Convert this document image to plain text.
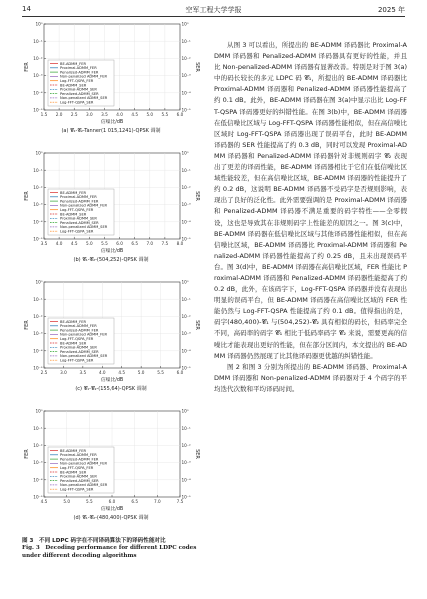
14	空军工程大学学报	2025 年
10⁰	10⁰
10⁻¹	10⁻¹
10⁻²	10⁻²
10⁻³	10⁻³
10⁻⁴	10⁻⁴
10⁻⁵	10⁻⁵
1.5 2.0 2.5 3.0 3.5 4.0 4.5 5.0 5.5 6.0
FER	SER
信噪比/dB
BE-ADMM_FER
Proximal-ADMM_FER
Penalized-ADMM_FER
Non-penalized ADMM_FER
Log-FFT-QSPA_FER
BE-ADMM_SER
Proximal-ADMM_SER
Penalized-ADMM_SER
Non-penalized ADMM_SER
Log-FFT-QSPA_SER
(a) 𝓒₁-𝓒₂-Tanner(1 015,1241)-QPSK 调制
10⁰	10⁰
10⁻¹	10⁻¹
10⁻²	10⁻²
10⁻³	10⁻³
10⁻⁴	10⁻⁴
10⁻⁵	10⁻⁵
3.5 4.0 4.5 5.0 5.5 6.0 6.5 7.0 7.5 8.0
FER	SER
信噪比/dB
BE-ADMM_FER
Proximal-ADMM_FER
Penalized-ADMM_FER
Non-penalized ADMM_FER
Log-FFT-QSPA_FER
BE-ADMM_SER
Proximal-ADMM_SER
Penalized-ADMM_SER
Non-penalized ADMM_SER
Log-FFT-QSPA_SER
(b) 𝓒₁-𝓒₂-(504,252)-QPSK 调制
10⁰	10⁰
10⁻¹	10⁻¹
10⁻²	10⁻²
10⁻³	10⁻³
10⁻⁴	10⁻⁴
10⁻⁵	10⁻⁵
2.5	3.0	3.5	4.0	4.5	5.0	5.5	6.0
FER	SER
信噪比/dB
BE-ADMM_FER
Proximal-ADMM_FER
Penalized-ADMM_FER
Non-penalized ADMM_FER
Log-FFT-QSPA_FER
BE-ADMM_SER
Proximal-ADMM_SER
Penalized-ADMM_SER
Non-penalized ADMM_SER
Log-FFT-QSPA_SER
(c) 𝓒₁-𝓒₂-(155,64)-QPSK 调制
10⁰	10⁰
10⁻¹	10⁻¹
10⁻²	10⁻²
10⁻³	10⁻³
10⁻⁴	10⁻⁴
10⁻⁵	10⁻⁵
4.5	5.0	5.5	6.0	6.5	7.0	7.5
FER	SER
信噪比/dB
BE-ADMM_FER
Proximal-ADMM_FER
Penalized-ADMM_FER
Non-penalized ADMM_FER
Log-FFT-QSPA_FER
BE-ADMM_SER
Proximal-ADMM_SER
Penalized-ADMM_SER
Non-penalized ADMM_SER
Log-FFT-QSPA_SER
(d) 𝓒₁-𝓒₂-(480,400)-QPSK 调制
图 3　不同 LDPC 码字在不同译码算法下的译码性能对比
Fig. 3　Decoding performance for different LDPC codes under different decoding algorithms

从图 3 可以看出，所提出的 BE-ADMM 译码器比 Proximal-ADMM 译码器和 Penalized-ADMM 译码器具有更好的性能，并且比 Non-penalized-ADMM 译码器有显著改善。特别是对于图 3(a)中的码长较长的多元 LDPC 码 𝓒₁，所提出的 BE-ADMM 译码器比 Proximal-ADMM 译码器和 Penalized-ADMM 译码器性能提高了约 0.1 dB。此外，BE-ADMM 译码器在图 3(a)中显示出比 Log-FFT-QSPA 译码器更好的纠错性能。在图 3(b)中，BE-ADMM 译码器在低信噪比区域与 Log-FFT-QSPA 译码器性能相似，但在高信噪比区域时 Log-FFT-QSPA 译码器出现了误码平台，此时 BE-ADMM 译码器的 SER 性能提高了约 0.3 dB，同时可以发现 Proximal-ADMM 译码器和 Penalized-ADMM 译码器针对非规则码字 𝓒₂ 表现出了更差的译码性能，BE-ADMM 译码器相比于它们在低信噪比区域性能较差，但在高信噪比区域，BE-ADMM 译码器的性能提升了约 0.2 dB，这说明 BE-ADMM 译码器不受码字是否规则影响，表现出了良好的泛化性。此外需要强调的是 Proximal-ADMM 译码器和 Penalized-ADMM 译码器不满足重要的码字特性——全零假设，这也是导致其在非规则码字上性能差的原因之一。图 3(c)中，BE-ADMM 译码器在低信噪比区域与其他译码器性能相似，但在高信噪比区域，BE-ADMM 译码器比 Proximal-ADMM 译码器和 Penalized-ADMM 译码器性能提高了约 0.25 dB，且未出现误码平台。图 3(d)中，BE-ADMM 译码器在高信噪比区域，FER 性能比 Proximal-ADMM 译码器和 Penalized-ADMM 译码器性能提高了约 0.2 dB，此外，在该码字下，Log-FFT-QSPA 译码器并没有表现出明显的误码平台，但 BE-ADMM 译码器在高信噪比区域的 FER 性能仍然与 Log-FFT-QSPA 性能提高了约 0.1 dB。值得指出的是，码字(480,400)-𝓒₁ 与(504,252)-𝓒₂ 具有相似的码长，但码率完全不同，高码率的码字 𝓒₁ 相比于低码率码字 𝓒₂ 来说，需要更高的信噪比才能表现出更好的性能，但在部分区间内，本文提出的 BE-ADMM 译码器仍然展现了比其他译码器更优越的纠错性能。

图 2 和图 3 分别为所提出的 BE-ADMM 译码器、Proximal-ADMM 译码器和 Non-penalized-ADMM 译码器对于 4 个码字的平均迭代次数和平均译码时间。
